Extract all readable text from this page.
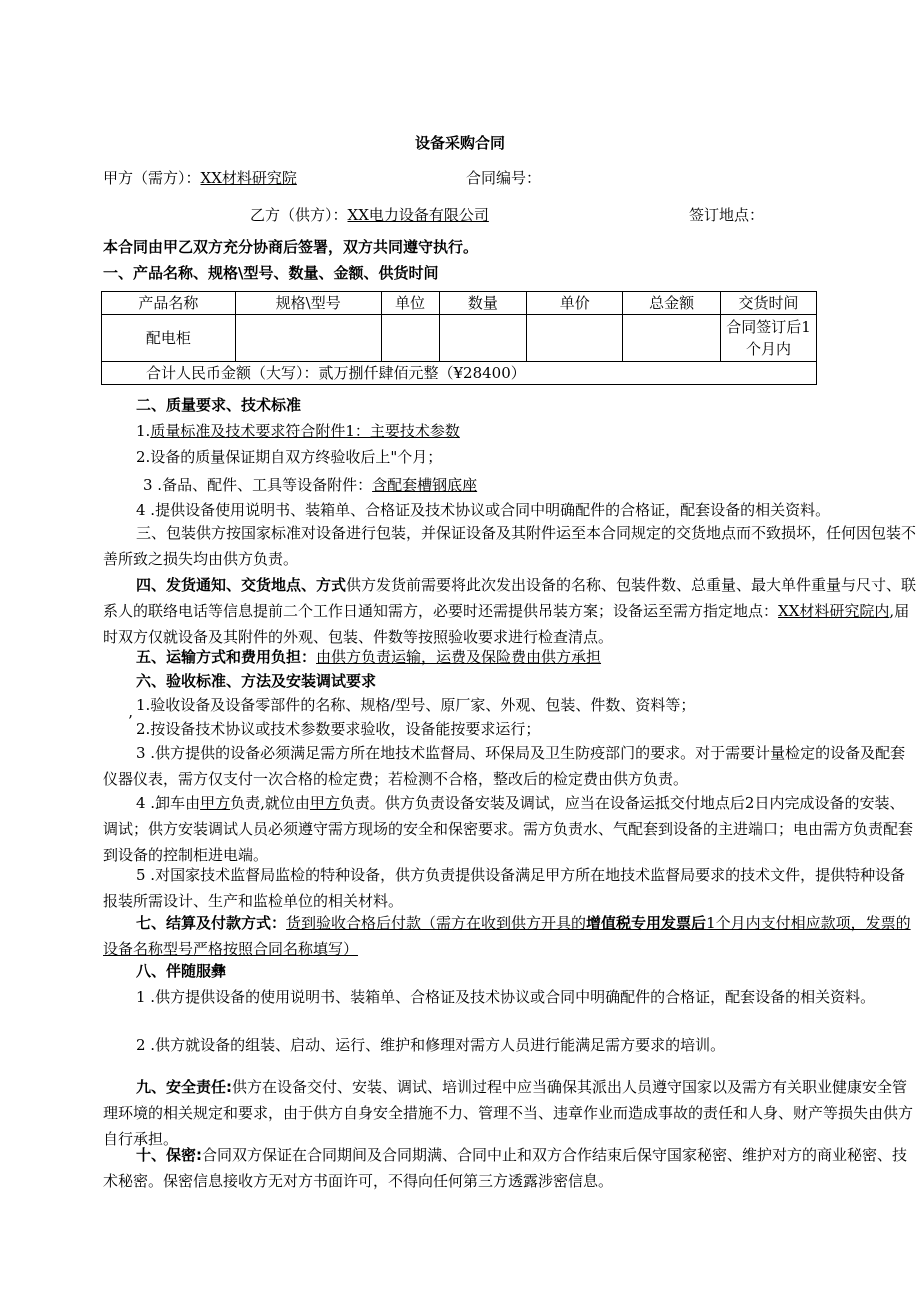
设备采购合同
甲方（需方）：XX材料研究院	合同编号：
乙方（供方）：XX电力设备有限公司	签订地点：
本合同由甲乙双方充分协商后签署，双方共同遵守执行。
一、产品名称、规格\型号、数量、金额、供货时间
产品名称	规格\型号	单位	数量	单价	总金额	交货时间
配电柜						合同签订后1个月内
合计人民币金额（大写）：贰万捌仟肆佰元整（¥28400）						
二、质量要求、技术标准
1.质量标准及技术要求符合附件1：主要技术参数
2.设备的质量保证期自双方终验收后上"个月；
3 .备品、配件、工具等设备附件：含配套槽钢底座
4 .提供设备使用说明书、装箱单、合格证及技术协议或合同中明确配件的合格证，配套设备的相关资料。
三、包装供方按国家标准对设备进行包装，并保证设备及其附件运至本合同规定的交货地点而不致损坏，任何因包装不善所致之损失均由供方负责。
四、发货通知、交货地点、方式供方发货前需要将此次发出设备的名称、包装件数、总重量、最大单件重量与尺寸、联系人的联络电话等信息提前二个工作日通知需方，必要时还需提供吊装方案；设备运至需方指定地点：XX材料研究院内,届时双方仅就设备及其附件的外观、包装、件数等按照验收要求进行检查清点。
五、运输方式和费用负担：由供方负责运输，运费及保险费由供方承担
六、验收标准、方法及安装调试要求
1.验收设备及设备零部件的名称、规格/型号、原厂家、外观、包装、件数、资料等；
’ 2.按设备技术协议或技术参数要求验收，设备能按要求运行；
3 .供方提供的设备必须满足需方所在地技术监督局、环保局及卫生防疫部门的要求。对于需要计量检定的设备及配套仪器仪表，需方仅支付一次合格的检定费；若检测不合格，整改后的检定费由供方负责。
4 .卸车由甲方负责,就位由甲方负责。供方负责设备安装及调试，应当在设备运抵交付地点后2日内完成设备的安装、调试；供方安装调试人员必须遵守需方现场的安全和保密要求。需方负责水、气配套到设备的主进端口；电由需方负责配套到设备的控制柜进电端。
5 .对国家技术监督局监检的特种设备，供方负责提供设备满足甲方所在地技术监督局要求的技术文件，提供特种设备报装所需设计、生产和监检单位的相关材料。
七、结算及付款方式：货到验收合格后付款（需方在收到供方开具的增值税专用发票后1个月内支付相应款项，发票的设备名称型号严格按照合同名称填写）
八、伴随服彝
1 .供方提供设备的使用说明书、装箱单、合格证及技术协议或合同中明确配件的合格证，配套设备的相关资料。
2 .供方就设备的组装、启动、运行、维护和修理对需方人员进行能满足需方要求的培训。
九、安全责任:供方在设备交付、安装、调试、培训过程中应当确保其派出人员遵守国家以及需方有关职业健康安全管理环境的相关规定和要求，由于供方自身安全措施不力、管理不当、违章作业而造成事故的责任和人身、财产等损失由供方自行承担。
十、保密:合同双方保证在合同期间及合同期满、合同中止和双方合作结束后保守国家秘密、维护对方的商业秘密、技术秘密。保密信息接收方无对方书面许可，不得向任何第三方透露涉密信息。
